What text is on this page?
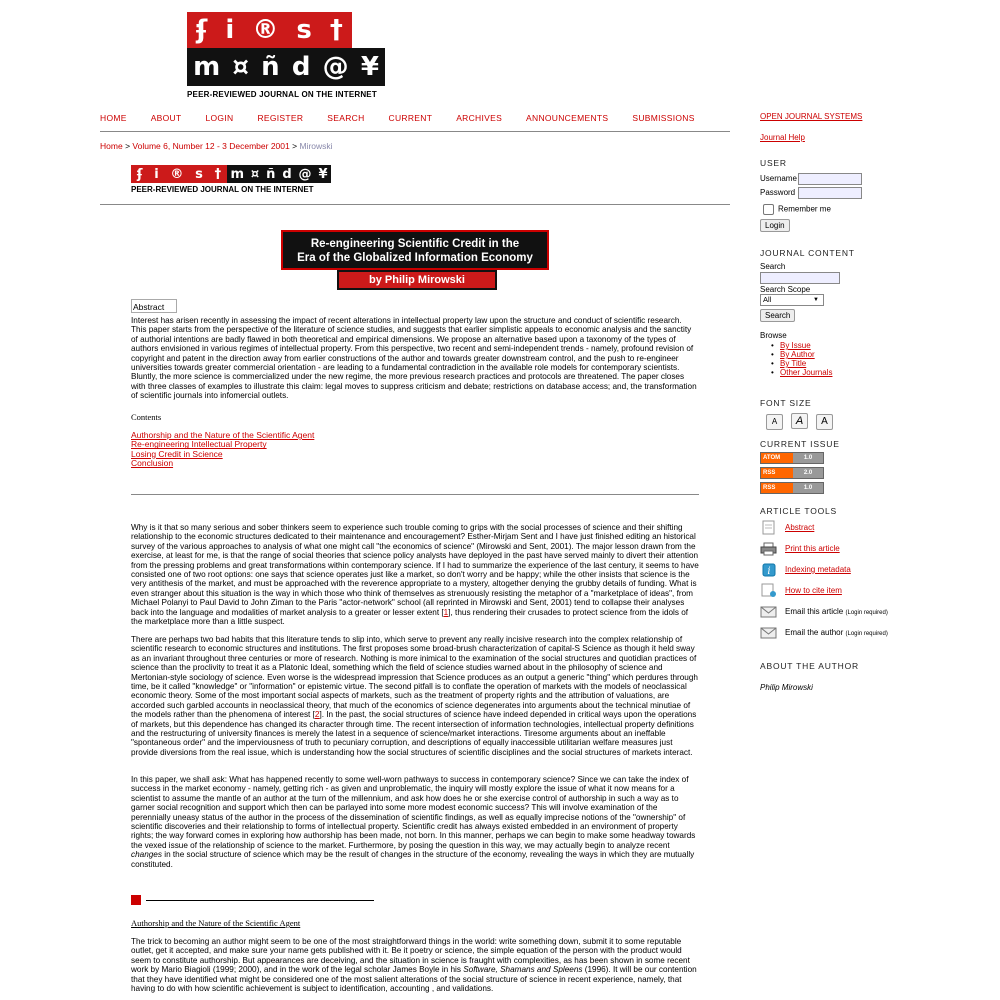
ʄ i ® s †
m ¤ ñ d @ ¥
PEER-REVIEWED JOURNAL ON THE INTERNET
HOME	ABOUT	LOGIN	REGISTER	SEARCH	CURRENT	ARCHIVES	ANNOUNCEMENTS	SUBMISSIONS
Home > Volume 6, Number 12 - 3 December 2001 > Mirowski
ʄ i ® s † m ¤ ñ d @ ¥
PEER-REVIEWED JOURNAL ON THE INTERNET
Re-engineering Scientific Credit in the
Era of the Globalized Information Economy
by Philip Mirowski
Abstract
Interest has arisen recently in assessing the impact of recent alterations in intellectual property law upon the structure and conduct of scientific research. This paper starts from the perspective of the literature of science studies, and suggests that earlier simplistic appeals to economic analysis and the sanctity of authorial intentions are badly flawed in both theoretical and empirical dimensions. We propose an alternative based upon a taxonomy of the types of authors envisioned in various regimes of intellectual property. From this perspective, two recent and semi-independent trends - namely, profound revision of copyright and patent in the direction away from earlier constructions of the author and towards greater downstream control, and the push to re-engineer universities towards greater commercial orientation - are leading to a fundamental contradiction in the available role models for contemporary scientists. Bluntly, the more science is commercialized under the new regime, the more previous research practices and protocols are threatened. The paper closes with three classes of examples to illustrate this claim: legal moves to suppress criticism and debate; restrictions on database access; and, the transformation of scientific journals into infomercial outlets.
Contents
Authorship and the Nature of the Scientific Agent
Re-engineering Intellectual Property
Losing Credit in Science
Conclusion
Why is it that so many serious and sober thinkers seem to experience such trouble coming to grips with the social processes of science and their shifting relationship to the economic structures dedicated to their maintenance and encouragement? Esther-Mirjam Sent and I have just finished editing an historical survey of the various approaches to analysis of what one might call "the economics of science" (Mirowski and Sent, 2001). The major lesson drawn from the exercise, at least for me, is that the range of social theories that science policy analysts have deployed in the past have served mainly to divert their attention from the pressing problems and great transformations within contemporary science. If I had to summarize the experience of the last century, it seems to have consisted one of two root options: one says that science operates just like a market, so don't worry and be happy; while the other insists that science is the very antithesis of the market, and must be approached with the reverence appropriate to a mystery, altogether denying the grubby details of funding. What is even stranger about this situation is the way in which those who think of themselves as strenuously resisting the metaphor of a "marketplace of ideas", from Michael Polanyi to Paul David to John Ziman to the Paris "actor-network" school (all reprinted in Mirowski and Sent, 2001) tend to collapse their analyses back into the language and modalities of market analysis to a greater or lesser extent [1], thus rendering their crusades to protect science from the idols of the marketplace more than a little suspect.
There are perhaps two bad habits that this literature tends to slip into, which serve to prevent any really incisive research into the complex relationship of scientific research to economic structures and institutions. The first proposes some broad-brush characterization of capital-S Science as though it held sway as an invariant throughout three centuries or more of research. Nothing is more inimical to the examination of the social structures and quotidian practices of science than the proclivity to treat it as a Platonic Ideal, something which the field of science studies warned about in the philosophy of science and Mertonian-style sociology of science. Even worse is the widespread impression that Science produces as an output a generic "thing" which perdures through time, be it called "knowledge" or "information" or epistemic virtue. The second pitfall is to conflate the operation of markets with the models of neoclassical economic theory. Some of the most important social aspects of markets, such as the treatment of property rights and the attribution of valuations, are accorded such garbled accounts in neoclassical theory, that much of the economics of science degenerates into arguments about the technical minutiae of the models rather than the phenomena of interest [2]. In the past, the social structures of science have indeed depended in critical ways upon the operations of markets, but this dependence has changed its character through time. The recent intersection of information technologies, intellectual property definitions and the restructuring of university finances is merely the latest in a sequence of science/market interactions. Tiresome arguments about an ineffable "spontaneous order" and the imperviousness of truth to pecuniary corruption, and descriptions of equally inaccessible utilitarian welfare measures just provide diversions from the real issue, which is understanding how the social structures of scientific disciplines and the social structures of markets interact.
In this paper, we shall ask: What has happened recently to some well-worn pathways to success in contemporary science? Since we can take the index of success in the market economy - namely, getting rich - as given and unproblematic, the inquiry will mostly explore the issue of what it now means for a scientist to assume the mantle of an author at the turn of the millennium, and ask how does he or she exercise control of authorship in such a way as to garner social recognition and support which then can be parlayed into some more modest economic success? This will involve examination of the perennially uneasy status of the author in the process of the dissemination of scientific findings, as well as equally imprecise notions of the "ownership" of scientific discoveries and their relationship to forms of intellectual property. Scientific credit has always existed embedded in an environment of property rights; the way forward comes in exploring how authorship has been made, not born. In this manner, perhaps we can begin to make some headway towards the vexed issue of the relationship of science to the market. Furthermore, by posing the question in this way, we may actually begin to analyze recent changes in the social structure of science which may be the result of changes in the structure of the economy, revealing the ways in which they are mutually constituted.
Authorship and the Nature of the Scientific Agent
The trick to becoming an author might seem to be one of the most straightforward things in the world: write something down, submit it to some reputable outlet, get it accepted, and make sure your name gets published with it. Be it poetry or science, the simple equation of the person with the product would seem to constitute authorship. But appearances are deceiving, and the situation in science is fraught with complexities, as has been shown in some recent work by Mario Biagioli (1999; 2000), and in the work of the legal scholar James Boyle in his Software, Shamans and Spleens (1996). It will be our contention that they have identified what might be considered one of the most salient alterations of the social structure of science in recent experience, namely, that having to do with how scientific achievement is subject to identification, accounting , and validations.
OPEN JOURNAL SYSTEMS
Journal Help
USER
Username
Password
Remember me
Login
JOURNAL CONTENT
Search
Search Scope
All	▼
Search
Browse
• By Issue
• By Author
• By Title
• Other Journals
FONT SIZE
A A A
CURRENT ISSUE
ATOM	1.0
RSS	2.0
RSS	1.0
ARTICLE TOOLS
Abstract
Print this article
i Indexing metadata
How to cite item
Email this article (Login required)
Email the author (Login required)
ABOUT THE AUTHOR
Philip Mirowski
